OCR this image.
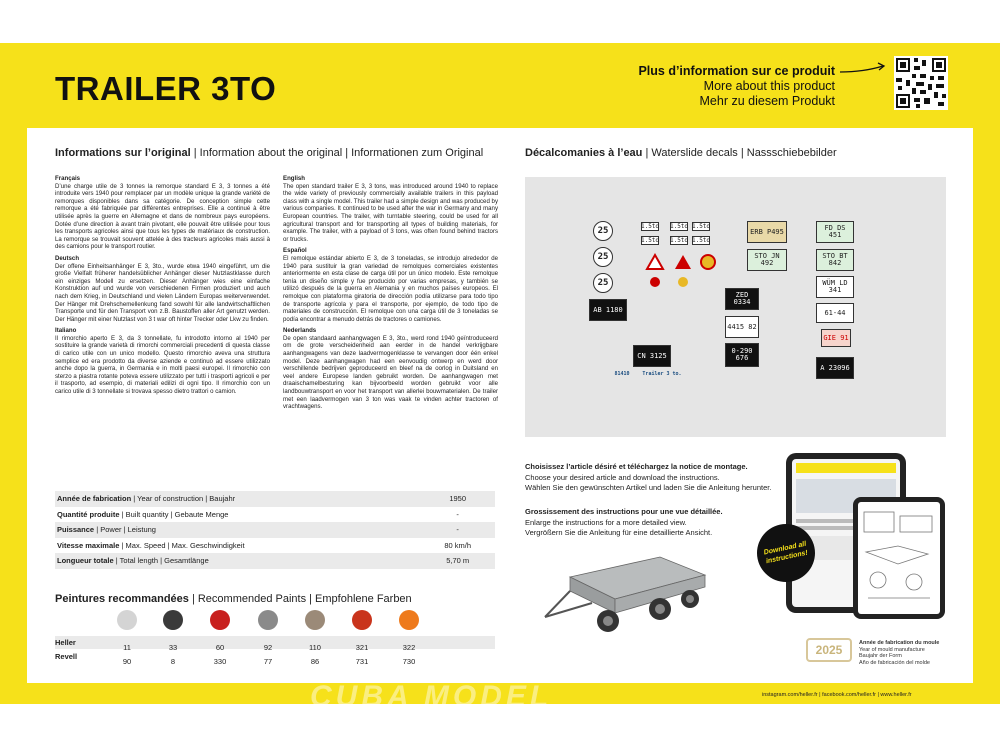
TRAILER 3TO	Plus d’information sur ce produit
More about this product
Mehr zu diesem Produkt
Informations sur l’original | Information about the original | Informationen zum Original
Français
D’une charge utile de 3 tonnes la remorque standard E 3, 3 tonnes a été introduite vers 1940 pour remplacer par un modèle unique la grande variété de remorques disponibles dans sa catégorie. De conception simple cette remorque a été fabriquée par différentes entreprises. Elle a continué à être utilisée après la guerre en Allemagne et dans de nombreux pays européens. Dotée d’une direction à avant train pivotant, elle pouvait être utilisée pour tous les transports agricoles ainsi que tous les types de matériaux de construction. La remorque se trouvait souvent attelée à des tracteurs agricoles mais aussi à des camions pour le transport routier.
Deutsch
Der offene Einheitsanhänger E 3, 3to., wurde etwa 1940 eingeführt, um die große Vielfalt früherer handelsüblicher Anhänger dieser Nutzlastklasse durch ein einziges Modell zu ersetzen. Dieser Anhänger wies eine einfache Konstruktion auf und wurde von verschiedenen Firmen produziert und auch nach dem Krieg, in Deutschland und vielen Ländern Europas weiterverwendet. Der Hänger mit Drehschemellenkung fand sowohl für alle landwirtschaftlichen Transporte und für den Transport von z.B. Baustoffen aller Art genutzt werden. Der Hänger mit einer Nutzlast von 3 t war oft hinter Trecker oder Lkw zu finden.
Italiano
Il rimorchio aperto E 3, da 3 tonnellate, fu introdotto intorno al 1940 per sostituire la grande varietà di rimorchi commerciali precedenti di questa classe di carico utile con un unico modello. Questo rimorchio aveva una struttura semplice ed era prodotto da diverse aziende e continuò ad essere utilizzato anche dopo la guerra, in Germania e in molti paesi europei. Il rimorchio con sterzo a piastra rotante poteva essere utilizzato per tutti i trasporti agricoli e per il trasporto, ad esempio, di materiali edilizi di ogni tipo. Il rimorchio con un carico utile di 3 tonnellate si trovava spesso dietro trattori o camion.
English
The open standard trailer E 3, 3 tons, was introduced around 1940 to replace the wide variety of previously commercially available trailers in this payload class with a single model. This trailer had a simple design and was produced by various companies. It continued to be used after the war in Germany and many European countries. The trailer, with turntable steering, could be used for all agricultural transport and for transporting all types of building materials, for example. The trailer, with a payload of 3 tons, was often found behind tractors or trucks.
Español
El remolque estándar abierto E 3, de 3 toneladas, se introdujo alrededor de 1940 para sustituir la gran variedad de remolques comerciales existentes anteriormente en esta clase de carga útil por un único modelo. Este remolque tenía un diseño simple y fue producido por varias empresas, y también se utilizó después de la guerra en Alemania y en muchos países europeos. El remolque con plataforma giratoria de dirección podía utilizarse para todo tipo de transporte agrícola y para el transporte, por ejemplo, de todo tipo de materiales de construcción. El remolque con una carga útil de 3 toneladas se podía encontrar a menudo detrás de tractores o camiones.
Nederlands
De open standaard aanhangwagen E 3, 3to., werd rond 1940 geïntroduceerd om de grote verscheidenheid aan eerder in de handel verkrijgbare aanhangwagens van deze laadvermogenklasse te vervangen door één enkel model. Deze aanhangwagen had een eenvoudig ontwerp en werd door verschillende bedrijven geproduceerd en bleef na de oorlog in Duitsland en veel andere Europese landen gebruikt worden. De aanhangwagen met draaischamelbesturing kan bijvoorbeeld worden gebruikt voor alle landbouwtransport en voor het transport van allerlei bouwmaterialen. De trailer met een laadvermogen van 3 ton was vaak te vinden achter tractoren of vrachtwagens.
Année de fabrication | Year of construction | Baujahr	1950
Quantité produite | Built quantity | Gebaute Menge	-
Puissance | Power | Leistung	-
Vitesse maximale | Max. Speed | Max. Geschwindigkeit	80 km/h
Longueur totale | Total length | Gesamtlänge	5,70 m
Peintures recommandées | Recommended Paints | Empfohlene Farben
Heller	11	33	60	92	110	321	322
Revell	90	8	330	77	86	731	730
Décalcomanies à l’eau | Waterslide decals | Nassschiebebilder
25
25
25
1.5to 1.5to 1.5to
1.5to 1.5to 1.5to
ERB P495	FD DS 451
STO JN 492
STO BT 842
WÜM LD 341
61-44
GIE 91
ZED 0334
AB 1180
4415 82
0-290 676
CN 3125
A 23096
81410	Trailer 3 to.
Choisissez l’article désiré et téléchargez la notice de montage.
Choose your desired article and download the instructions.
Wählen Sie den gewünschten Artikel und laden Sie die Anleitung herunter.
Grossissement des instructions pour une vue détaillée.
Enlarge the instructions for a more detailed view.
Vergrößern Sie die Anleitung für eine detaillierte Ansicht.
Download all instructions!
2025	Année de fabrication du moule
Year of mould manufacture
Baujahr der Form
Año de fabricación del molde
CUBA MODEL	instagram.com/heller.fr | facebook.com/heller.fr | www.heller.fr
